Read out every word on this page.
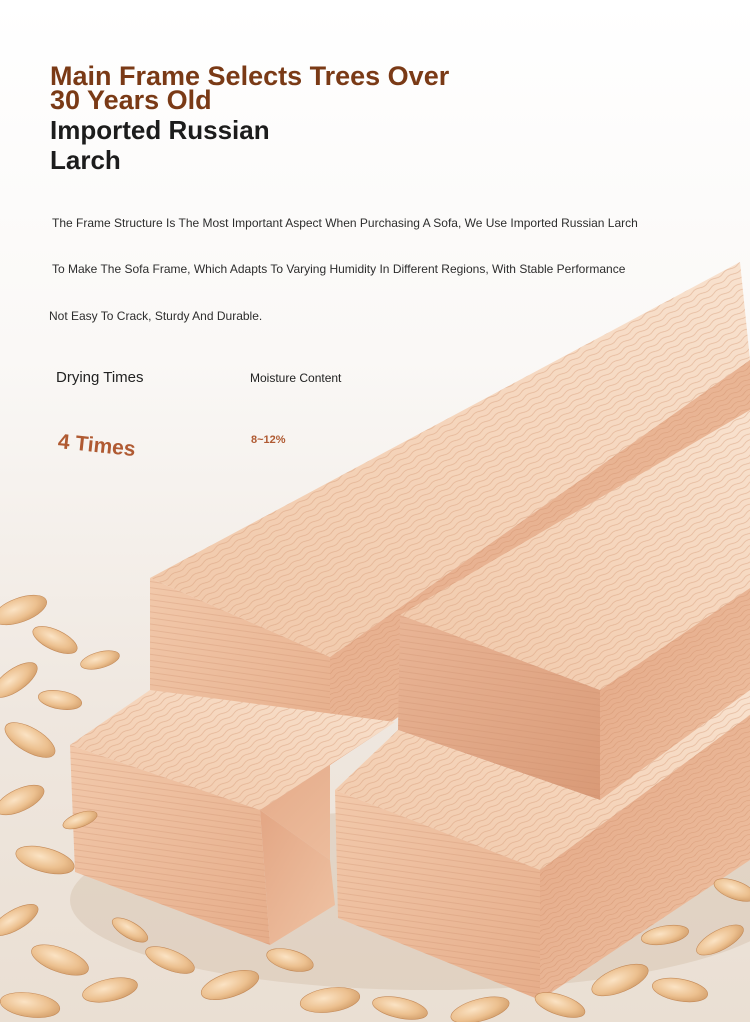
Main Frame Selects Trees Over
30 Years Old
Imported Russian
Larch

The Frame Structure Is The Most Important Aspect When Purchasing A Sofa, We Use Imported Russian Larch

To Make The Sofa Frame, Which Adapts To Varying Humidity In Different Regions, With Stable Performance

Not Easy To Crack, Sturdy And Durable.

Drying Times	Moisture Content

4 Times	8~12%
